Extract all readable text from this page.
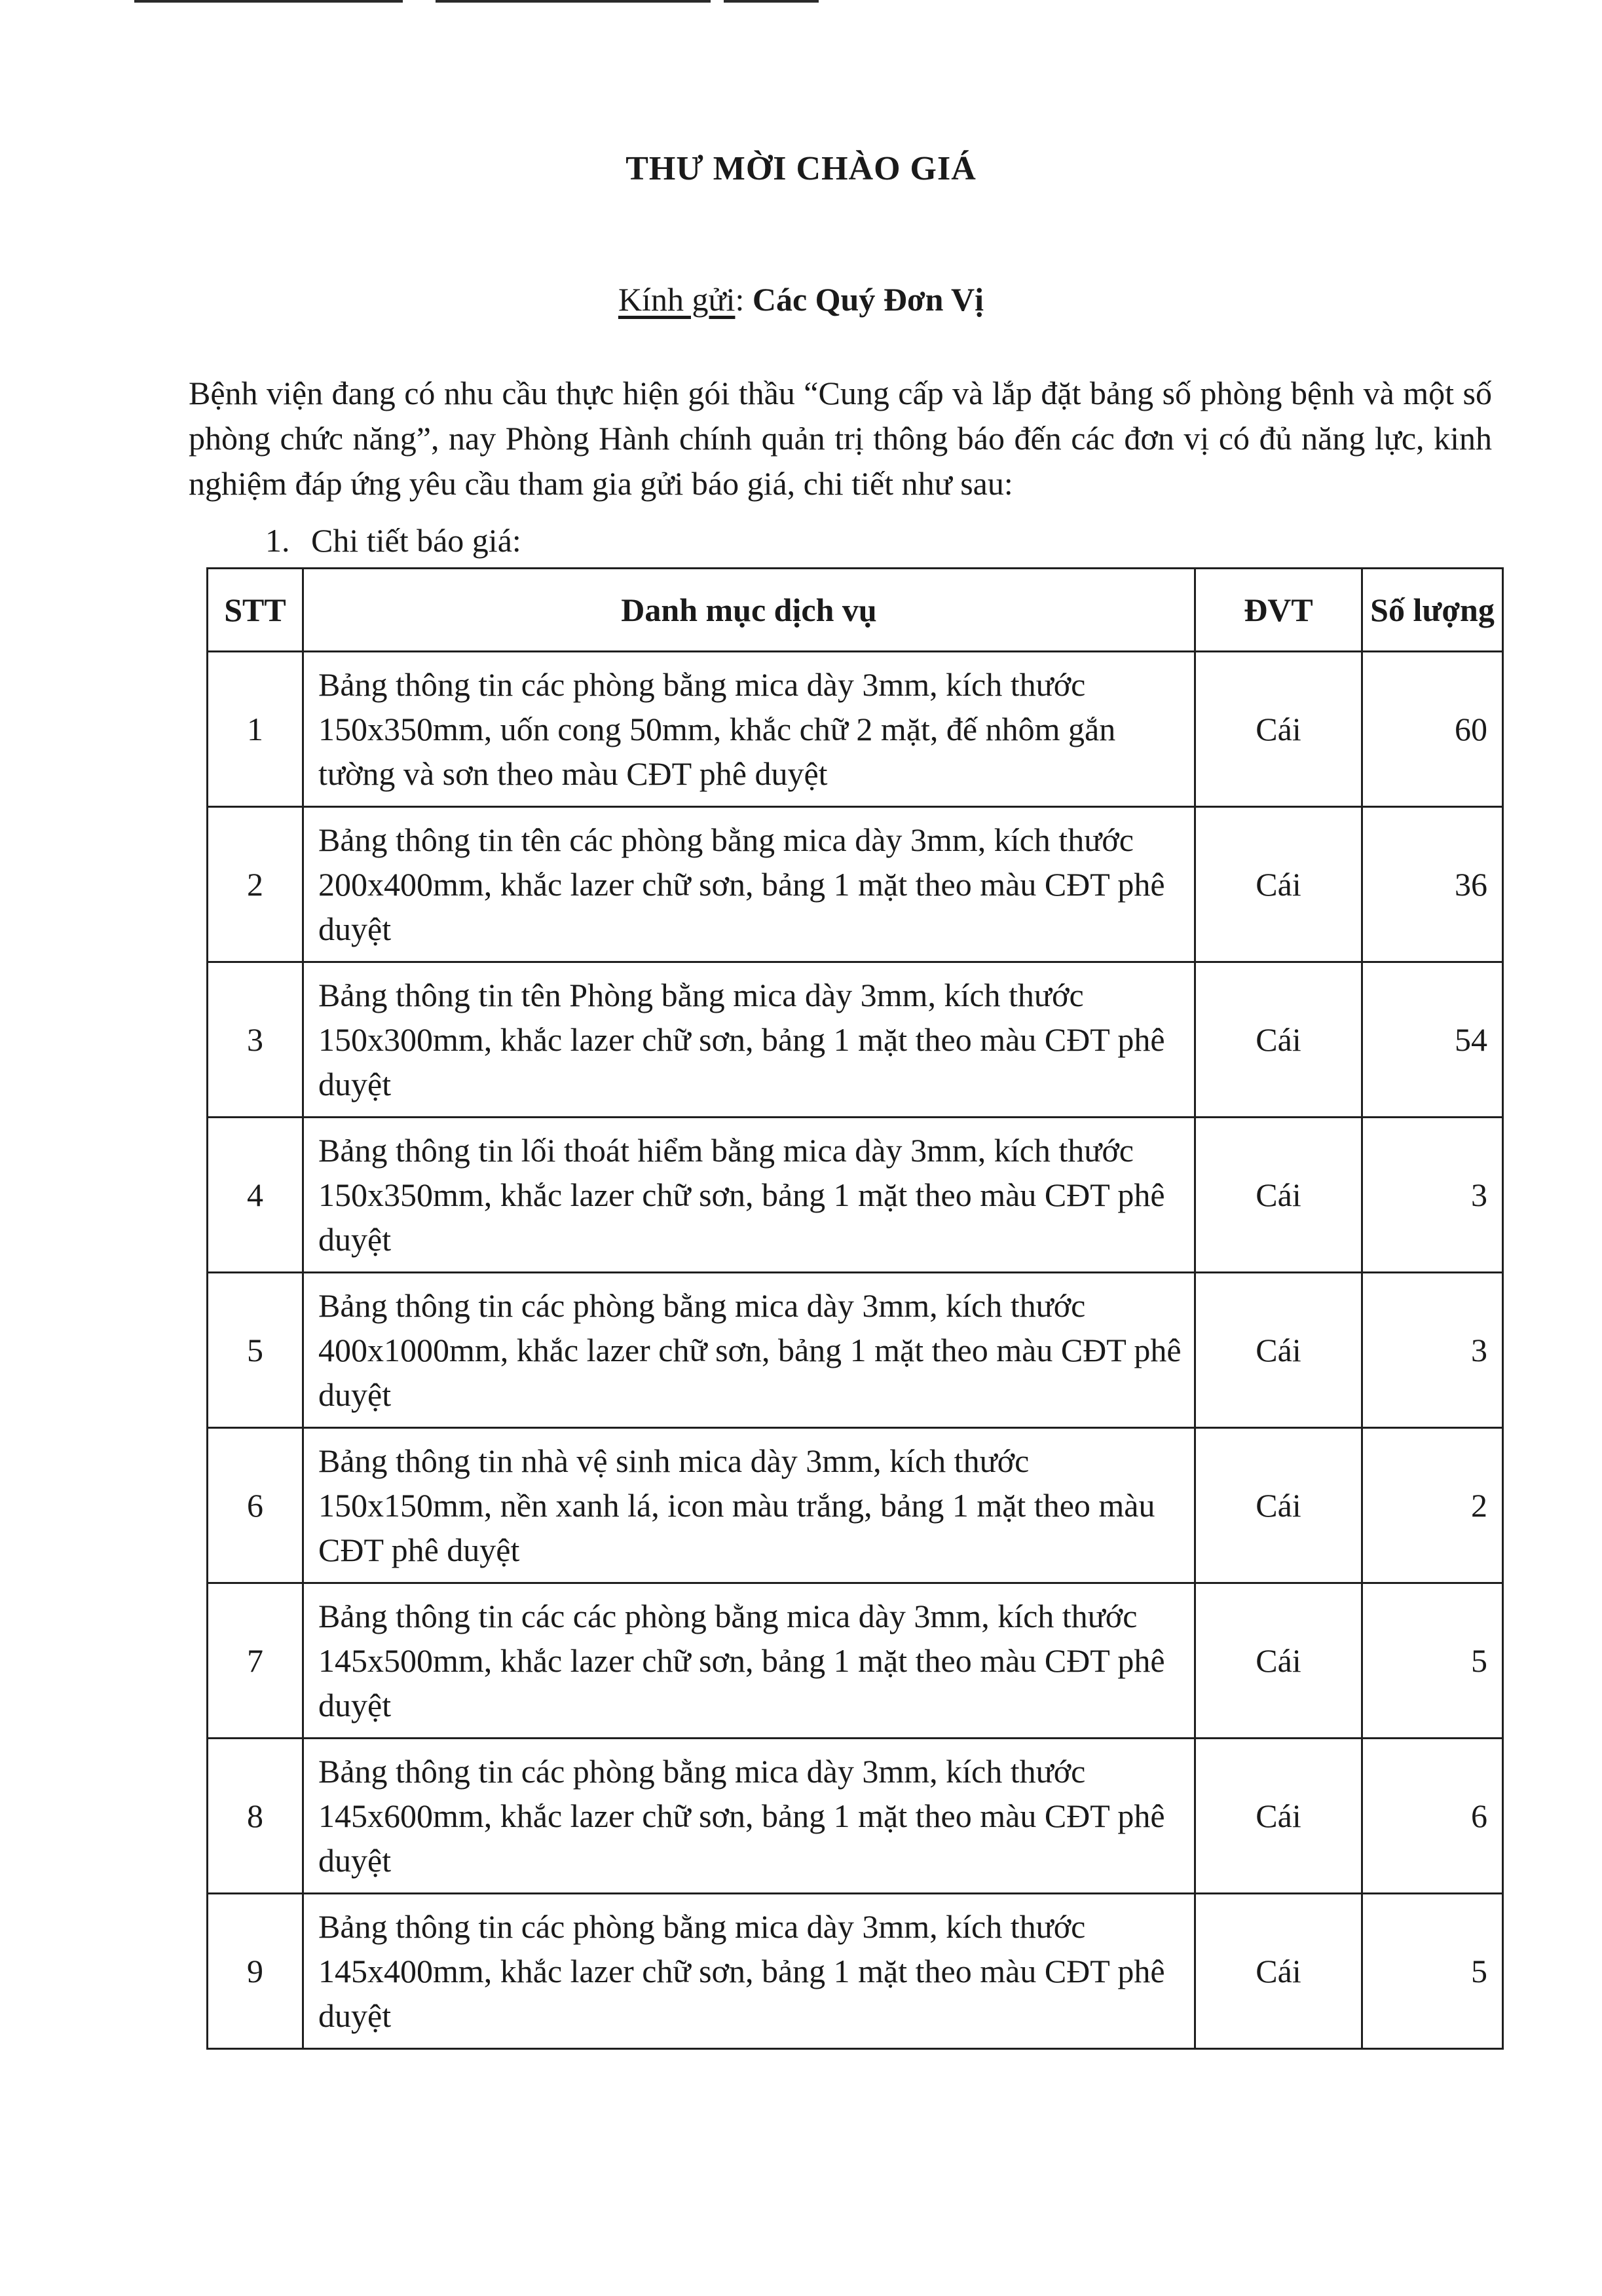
THƯ MỜI CHÀO GIÁ
Kính gửi: Các Quý Đơn Vị
Bệnh viện đang có nhu cầu thực hiện gói thầu “Cung cấp và lắp đặt bảng số phòng bệnh và một số phòng chức năng”, nay Phòng Hành chính quản trị thông báo đến các đơn vị có đủ năng lực, kinh nghiệm đáp ứng yêu cầu tham gia gửi báo giá, chi tiết như sau:
1. Chi tiết báo giá:
STT	Danh mục dịch vụ	ĐVT	Số lượng
1	Bảng thông tin các phòng bằng mica dày 3mm, kích thước 150x350mm, uốn cong 50mm, khắc chữ 2 mặt, đế nhôm gắn tường và sơn theo màu CĐT phê duyệt	Cái	60
2	Bảng thông tin tên các phòng bằng mica dày 3mm, kích thước 200x400mm, khắc lazer chữ sơn, bảng 1 mặt theo màu CĐT phê duyệt	Cái	36
3	Bảng thông tin tên Phòng bằng mica dày 3mm, kích thước 150x300mm, khắc lazer chữ sơn, bảng 1 mặt theo màu CĐT phê duyệt	Cái	54
4	Bảng thông tin lối thoát hiểm bằng mica dày 3mm, kích thước 150x350mm, khắc lazer chữ sơn, bảng 1 mặt theo màu CĐT phê duyệt	Cái	3
5	Bảng thông tin các phòng bằng mica dày 3mm, kích thước 400x1000mm, khắc lazer chữ sơn, bảng 1 mặt theo màu CĐT phê duyệt	Cái	3
6	Bảng thông tin nhà vệ sinh mica dày 3mm, kích thước 150x150mm, nền xanh lá, icon màu trắng, bảng 1 mặt theo màu CĐT phê duyệt	Cái	2
7	Bảng thông tin các các phòng bằng mica dày 3mm, kích thước 145x500mm, khắc lazer chữ sơn, bảng 1 mặt theo màu CĐT phê duyệt	Cái	5
8	Bảng thông tin các phòng bằng mica dày 3mm, kích thước 145x600mm, khắc lazer chữ sơn, bảng 1 mặt theo màu CĐT phê duyệt	Cái	6
9	Bảng thông tin các phòng bằng mica dày 3mm, kích thước 145x400mm, khắc lazer chữ sơn, bảng 1 mặt theo màu CĐT phê duyệt	Cái	5
